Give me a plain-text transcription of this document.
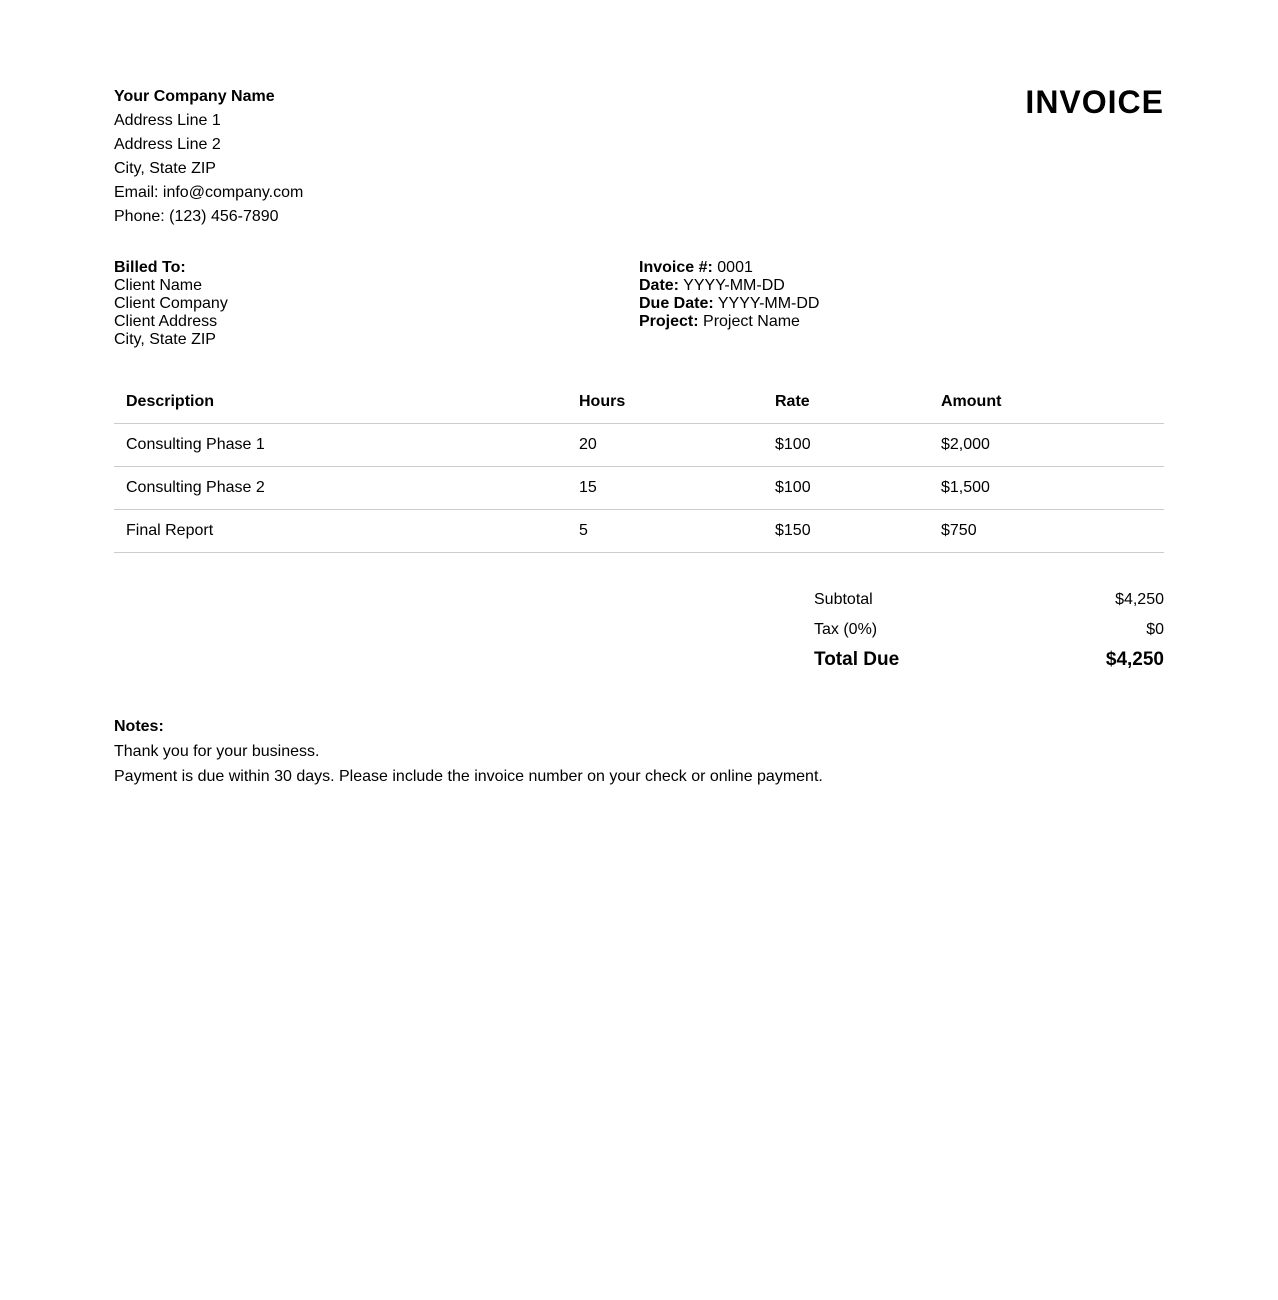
Your Company Name
Address Line 1
Address Line 2
City, State ZIP
Email: info@company.com
Phone: (123) 456-7890
INVOICE
Billed To:
Client Name
Client Company
Client Address
City, State ZIP
Invoice #: 0001
Date: YYYY-MM-DD
Due Date: YYYY-MM-DD
Project: Project Name
Description	Hours	Rate	Amount
Consulting Phase 1	20	$100	$2,000
Consulting Phase 2	15	$100	$1,500
Final Report	5	$150	$750
Subtotal	$4,250
Tax (0%)	$0
Total Due	$4,250
Notes:
Thank you for your business.
Payment is due within 30 days. Please include the invoice number on your check or online payment.
